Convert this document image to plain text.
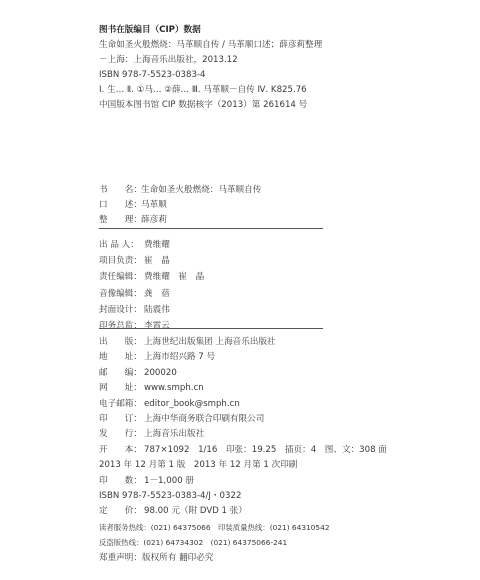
图书在版编目（CIP）数据
生命如圣火般燃烧：马革顺自传 / 马革顺口述；薛彦莉整理
－上海：上海音乐出版社，2013.12
ISBN 978-7-5523-0383-4
Ⅰ. 生… Ⅱ. ①马… ②薛… Ⅲ. 马革顺－自传 Ⅳ. K825.76
中国版本图书馆 CIP 数据核字（2013）第 261614 号
书　　名： 生命如圣火般燃烧：马革顺自传
口　　述： 马革顺
整　　理： 薛彦莉
出 品 人： 费维耀
项目负责： 崔　晶
责任编辑： 费维耀　崔　晶
音像编辑： 龚　蓓
封面设计： 陆震伟
印务总监： 李霄云
出　　版： 上海世纪出版集团 上海音乐出版社
地　　址： 上海市绍兴路 7 号
邮　　编： 200020
网　　址： www.smph.cn
电子邮箱： editor_book@smph.cn
印　　订： 上海中华商务联合印刷有限公司
发　　行： 上海音乐出版社
开　　本： 787×1092　1/16　印张：19.25　插页：4　图、文：308 面
2013 年 12 月第 1 版　2013 年 12 月第 1 次印刷
印　　数： 1－1,000 册
ISBN 978-7-5523-0383-4/J・0322
定　　价： 98.00 元（附 DVD 1 张）
读者服务热线：(021) 64375066　印装质量热线：(021) 64310542
反盗版热线：(021) 64734302　(021) 64375066-241
郑重声明：版权所有 翻印必究
